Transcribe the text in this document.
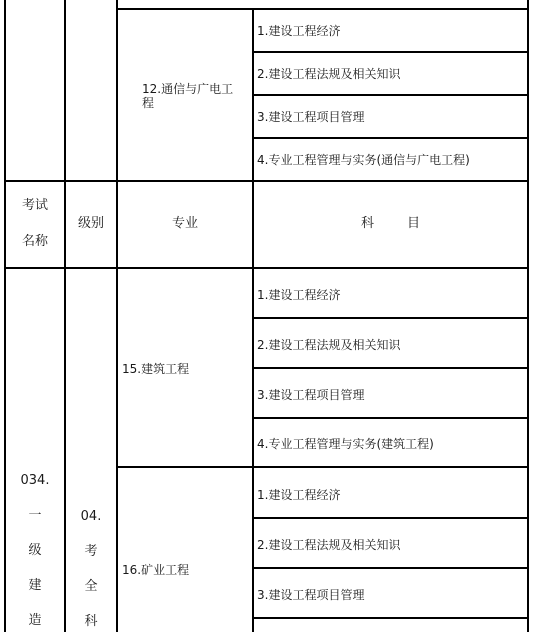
12.通信与广电工程
1.建设工程经济
2.建设工程法规及相关知识
3.建设工程项目管理
4.专业工程管理与实务(通信与广电工程)
考试
名称
级别	专业	科        目
034.
一
级
建
造
04.
考
全
科
15.建筑工程
1.建设工程经济
2.建设工程法规及相关知识
3.建设工程项目管理
4.专业工程管理与实务(建筑工程)
16.矿业工程
1.建设工程经济
2.建设工程法规及相关知识
3.建设工程项目管理
